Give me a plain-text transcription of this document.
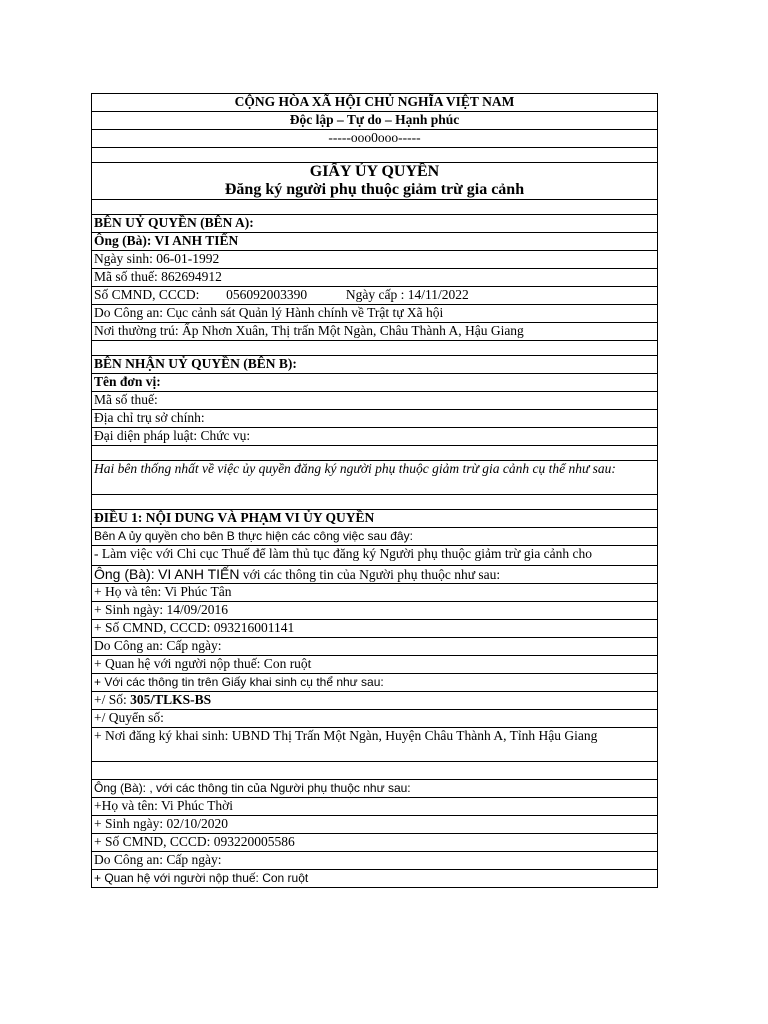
CỘNG HÒA XÃ HỘI CHỦ NGHĨA VIỆT NAM
Độc lập – Tự do – Hạnh phúc
-----ooo0ooo-----

GIẤY ỦY QUYỀN
Đăng ký người phụ thuộc giảm trừ gia cảnh

BÊN UỶ QUYỀN (BÊN A):
Ông (Bà): VI ANH TIẾN
Ngày sinh: 06-01-1992
Mã số thuế: 862694912
Số CMND, CCCD: 056092003390	Ngày cấp : 14/11/2022
Do Công an: Cục cảnh sát Quản lý Hành chính về Trật tự Xã hội
Nơi thường trú: Ấp Nhơn Xuân, Thị trấn Một Ngàn, Châu Thành A, Hậu Giang

BÊN NHẬN UỶ QUYỀN (BÊN B):
Tên đơn vị:
Mã số thuế:
Địa chỉ trụ sở chính:
Đại diện pháp luật: Chức vụ:

Hai bên thống nhất về việc ủy quyền đăng ký người phụ thuộc giảm trừ gia cảnh cụ thể như sau:

ĐIỀU 1: NỘI DUNG VÀ PHẠM VI ỦY QUYỀN
Bên A ủy quyền cho bên B thực hiện các công việc sau đây:
- Làm việc với Chi cục Thuế để làm thủ tục đăng ký Người phụ thuộc giảm trừ gia cảnh cho
Ông (Bà): VI ANH TIẾN với các thông tin của Người phụ thuộc như sau:
+ Họ và tên: Vi Phúc Tân
+ Sinh ngày: 14/09/2016
+ Số CMND, CCCD: 093216001141
Do Công an: Cấp ngày:
+ Quan hệ với người nộp thuế: Con ruột
+ Với các thông tin trên Giấy khai sinh cụ thể như sau:
+/ Số: 305/TLKS-BS
+/ Quyển số:
+ Nơi đăng ký khai sinh: UBND Thị Trấn Một Ngàn, Huyện Châu Thành A, Tỉnh Hậu Giang

Ông (Bà): , với các thông tin của Người phụ thuộc như sau:
+Họ và tên: Vi Phúc Thời
+ Sinh ngày: 02/10/2020
+ Số CMND, CCCD: 093220005586
Do Công an: Cấp ngày:
+ Quan hệ với người nộp thuế: Con ruột
